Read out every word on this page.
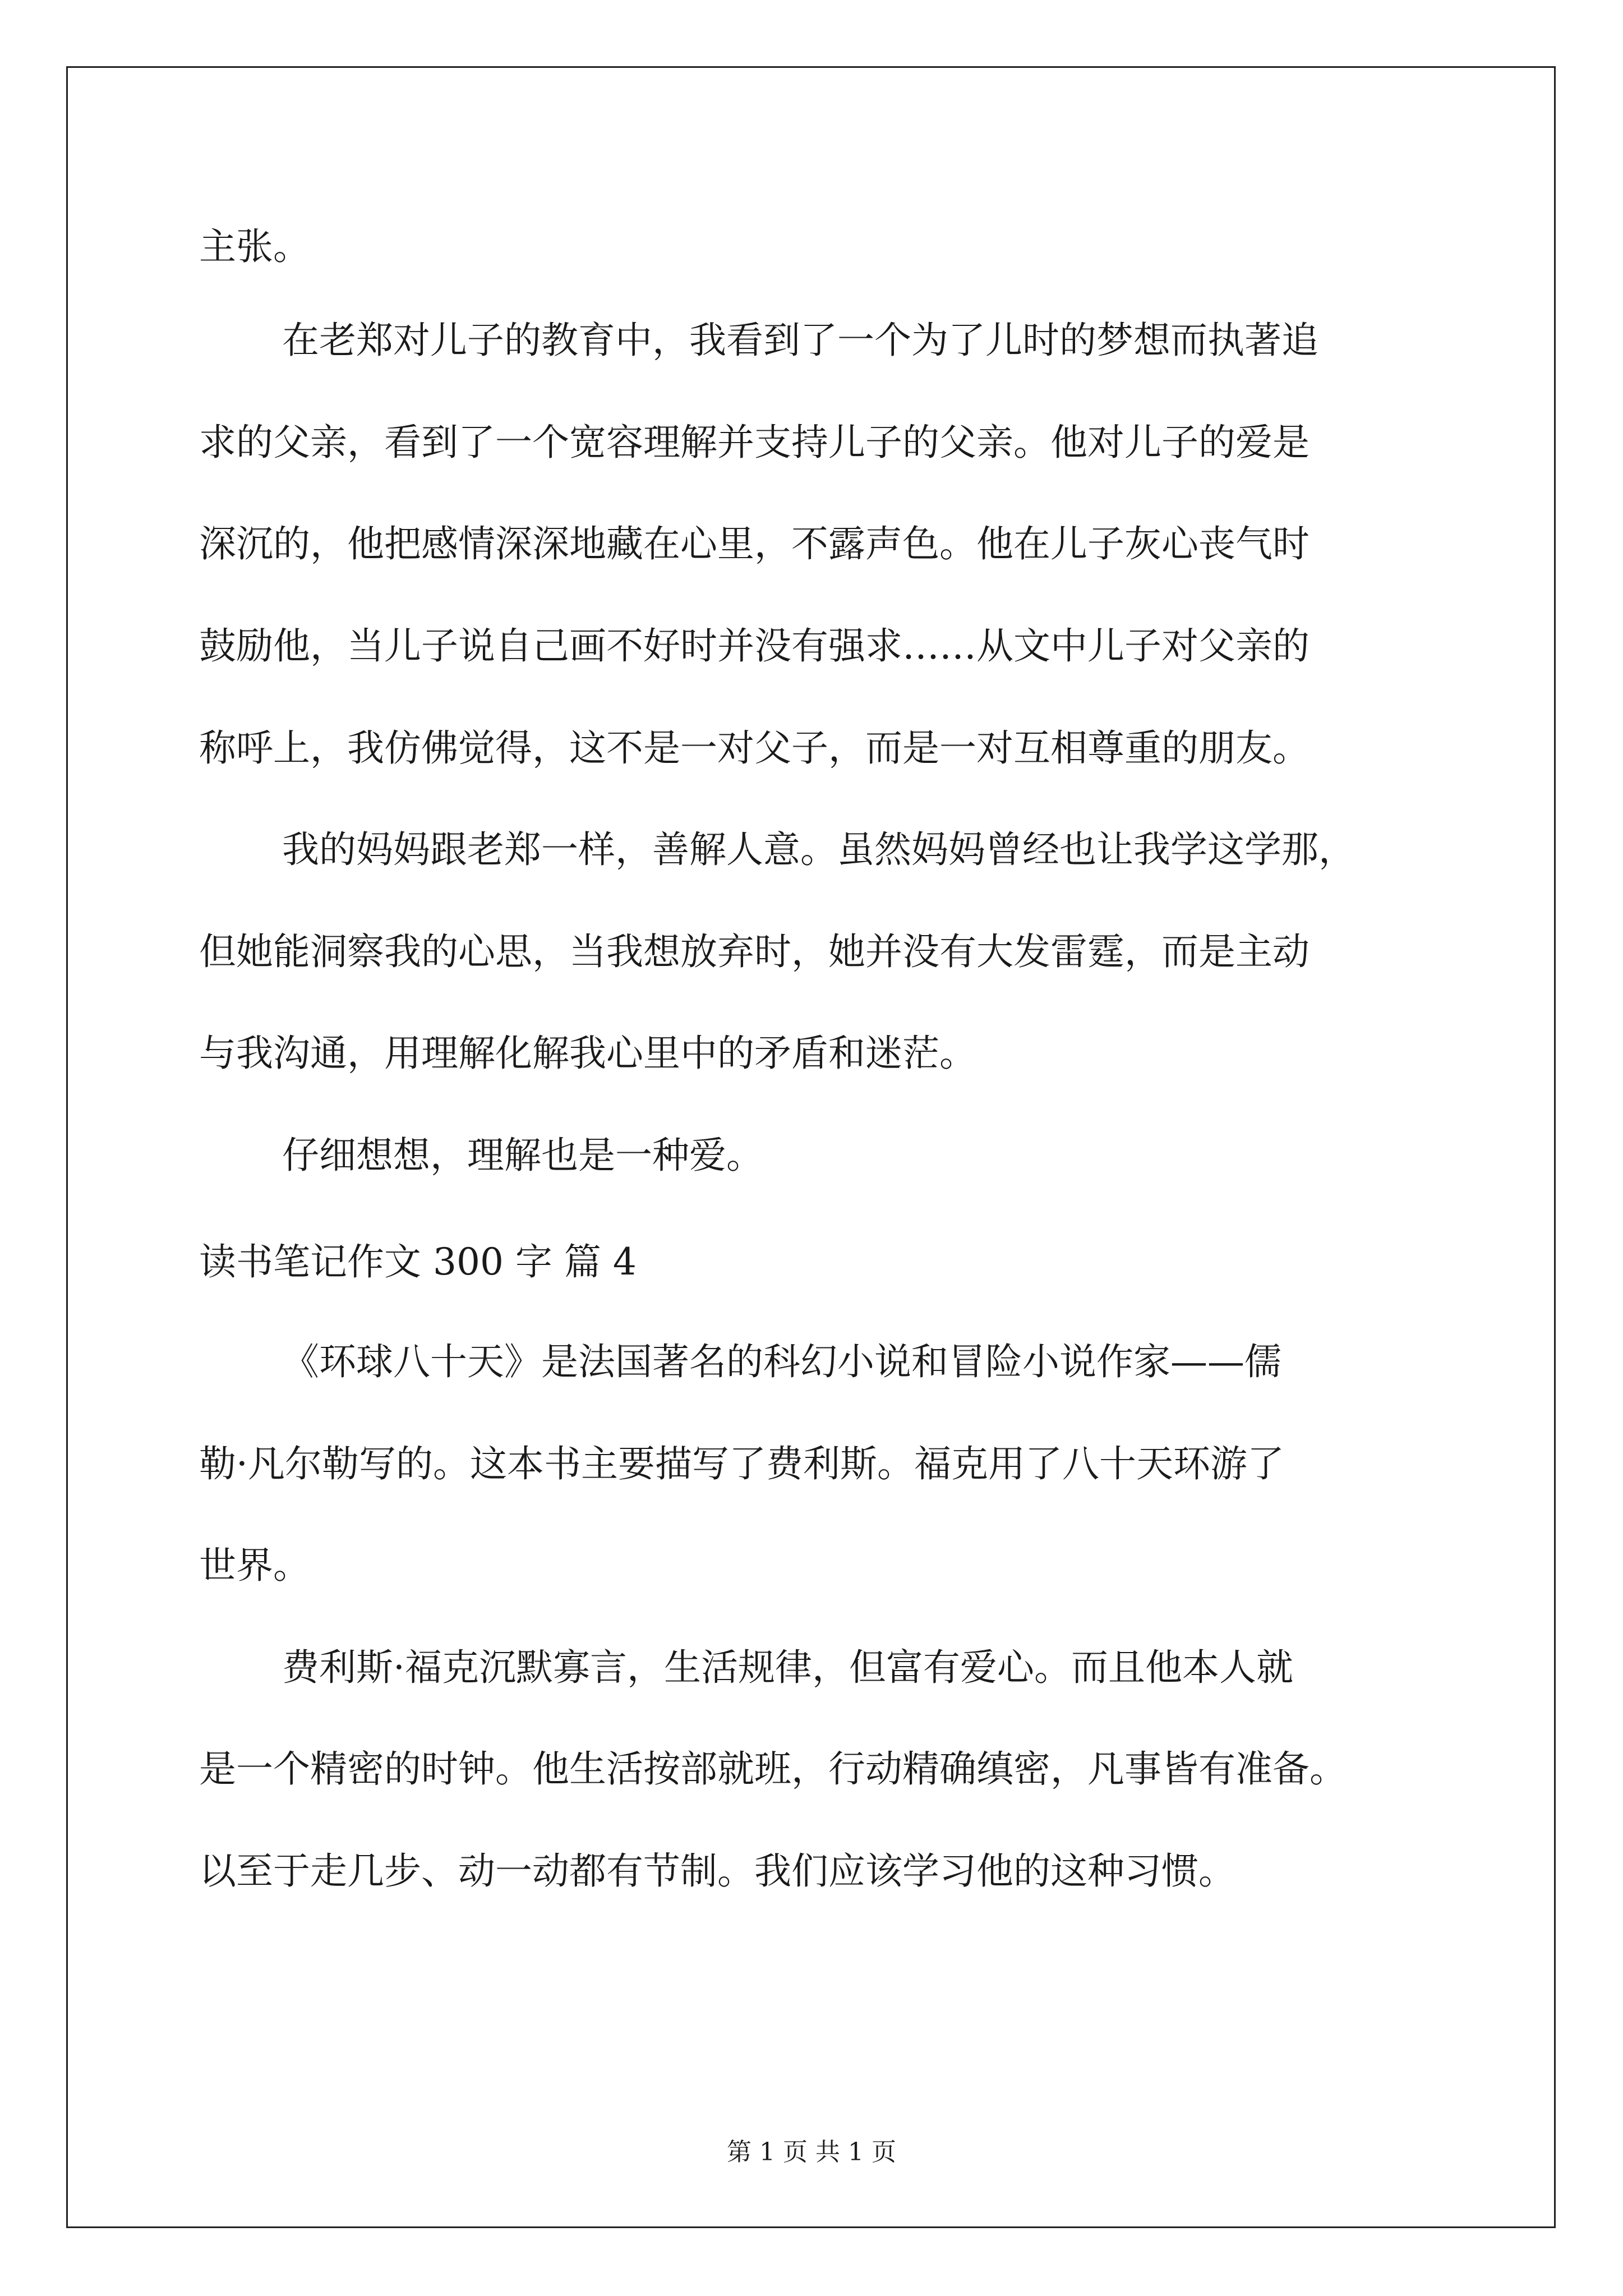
主张。
在老郑对儿子的教育中，我看到了一个为了儿时的梦想而执著追
求的父亲，看到了一个宽容理解并支持儿子的父亲。他对儿子的爱是
深沉的，他把感情深深地藏在心里，不露声色。他在儿子灰心丧气时
鼓励他，当儿子说自己画不好时并没有强求……从文中儿子对父亲的
称呼上，我仿佛觉得，这不是一对父子，而是一对互相尊重的朋友。
我的妈妈跟老郑一样，善解人意。虽然妈妈曾经也让我学这学那，
但她能洞察我的心思，当我想放弃时，她并没有大发雷霆，而是主动
与我沟通，用理解化解我心里中的矛盾和迷茫。
仔细想想，理解也是一种爱。
读书笔记作文 300 字 篇 4
《环球八十天》是法国著名的科幻小说和冒险小说作家——儒
勒·凡尔勒写的。这本书主要描写了费利斯。福克用了八十天环游了
世界。
费利斯·福克沉默寡言，生活规律，但富有爱心。而且他本人就
是一个精密的时钟。他生活按部就班，行动精确缜密，凡事皆有准备。
以至于走几步、动一动都有节制。我们应该学习他的这种习惯。
第 1 页 共 1 页
